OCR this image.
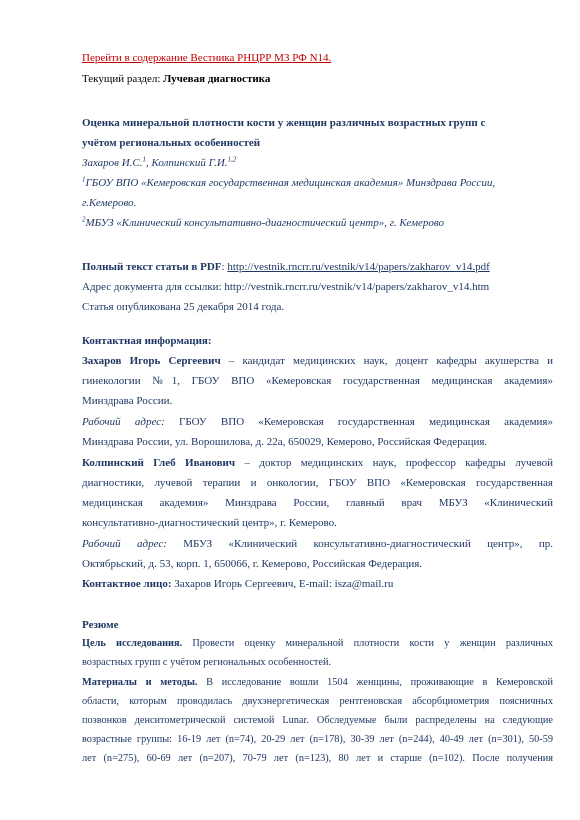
Перейти в содержание Вестника РНЦРР МЗ РФ N14.
Текущий раздел: Лучевая диагностика
Оценка минеральной плотности кости у женщин различных возрастных групп с
учётом региональных особенностей
Захаров И.С.$^1$, Колпинский Г.И.$^{1,2}$
$^1$ГБОУ ВПО «Кемеровская государственная медицинская академия» Минздрава России,
г.Кемерово.
$^2$МБУЗ «Клинический консультативно-диагностический центр», г. Кемерово
Полный текст статьи в PDF: http://vestnik.rncrr.ru/vestnik/v14/papers/zakharov_v14.pdf
Адрес документа для ссылки: http://vestnik.rncrr.ru/vestnik/v14/papers/zakharov_v14.htm
Статья опубликована 25 декабря 2014 года.
Контактная информация:
Захаров Игорь Сергеевич – кандидат медицинских наук, доцент кафедры акушерства и
гинекологии №1, ГБОУ ВПО «Кемеровская государственная медицинская академия»
Минздрава России.
Рабочий адрес: ГБОУ ВПО «Кемеровская государственная медицинская академия»
Минздрава России, ул. Ворошилова, д. 22а, 650029, Кемерово, Российская Федерация.
Колпинский Глеб Иванович – доктор медицинских наук, профессор кафедры лучевой
диагностики, лучевой терапии и онкологии, ГБОУ ВПО «Кемеровская государственная
медицинская академия» Минздрава России, главный врач МБУЗ «Клинический
консультативно-диагностический центр», г. Кемерово.
Рабочий адрес: МБУЗ «Клинический консультативно-диагностический центр», пр.
Октябрьский, д. 53, корп. 1, 650066, г. Кемерово, Российская Федерация.
Контактное лицо: Захаров Игорь Сергеевич, E-mail: isza@mail.ru
Резюме
Цель исследования. Провести оценку минеральной плотности кости у женщин различных
возрастных групп с учётом региональных особенностей.
Материалы и методы. В исследование вошли 1504 женщины, проживающие в Кемеровской
области, которым проводилась двухэнергетическая рентгеновская абсорбциометрия поясничных
позвонков денситометрической системой Lunar. Обследуемые были распределены на следующие
возрастные группы: 16-19 лет (n=74), 20-29 лет (n=178), 30-39 лет (n=244), 40-49 лет (n=301), 50-59
лет (n=275), 60-69 лет (n=207), 70-79 лет (n=123), 80 лет и старше (n=102). После получения
